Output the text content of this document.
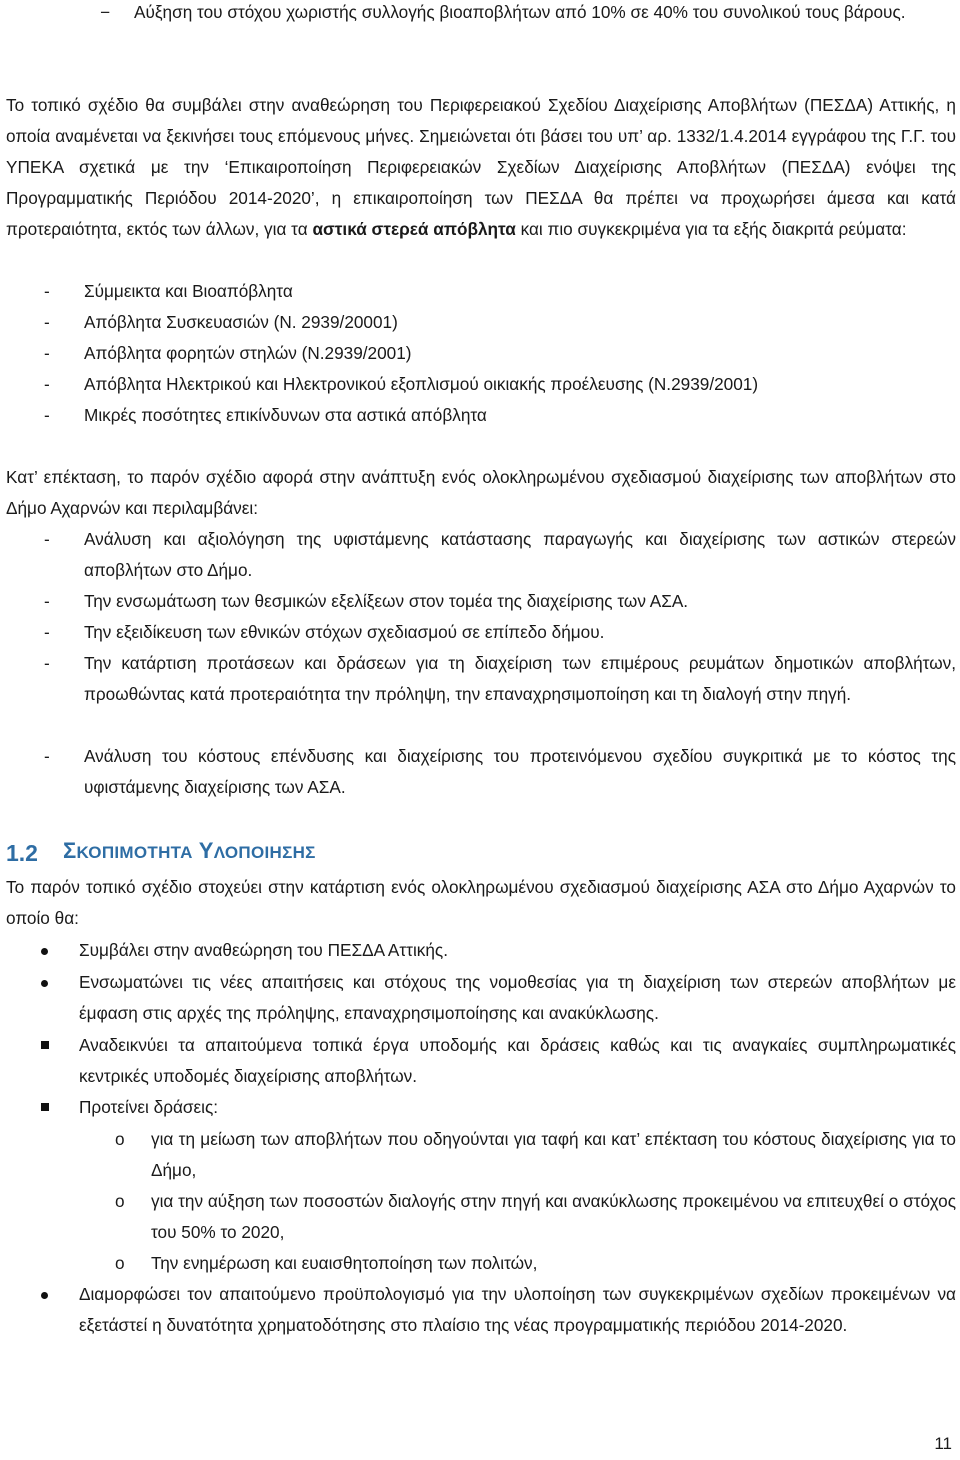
− Αύξηση του στόχου χωριστής συλλογής βιοαποβλήτων από 10% σε 40% του συνολικού τους βάρους.

Το τοπικό σχέδιο θα συμβάλει στην αναθεώρηση του Περιφερειακού Σχεδίου Διαχείρισης Αποβλήτων (ΠΕΣΔΑ) Αττικής, η οποία αναμένεται να ξεκινήσει τους επόμενους μήνες. Σημειώνεται ότι βάσει του υπ’ αρ. 1332/1.4.2014 εγγράφου της Γ.Γ. του ΥΠΕΚΑ σχετικά με την ‘Επικαιροποίηση Περιφερειακών Σχεδίων Διαχείρισης Αποβλήτων (ΠΕΣΔΑ) ενόψει της Προγραμματικής Περιόδου 2014-2020’, η επικαιροποίηση των ΠΕΣΔΑ θα πρέπει να προχωρήσει άμεσα και κατά προτεραιότητα, εκτός των άλλων, για τα αστικά στερεά απόβλητα και πιο συγκεκριμένα για τα εξής διακριτά ρεύματα:

- Σύμμεικτα και Βιοαπόβλητα
- Απόβλητα Συσκευασιών (Ν. 2939/20001)
- Απόβλητα φορητών στηλών (Ν.2939/2001)
- Απόβλητα Ηλεκτρικού και Ηλεκτρονικού εξοπλισμού οικιακής προέλευσης (Ν.2939/2001)
- Μικρές ποσότητες επικίνδυνων στα αστικά απόβλητα

Κατ’ επέκταση, το παρόν σχέδιο αφορά στην ανάπτυξη ενός ολοκληρωμένου σχεδιασμού διαχείρισης των αποβλήτων στο Δήμο Αχαρνών και περιλαμβάνει:

- Ανάλυση και αξιολόγηση της υφιστάμενης κατάστασης παραγωγής και διαχείρισης των αστικών στερεών αποβλήτων στο Δήμο.
- Την ενσωμάτωση των θεσμικών εξελίξεων στον τομέα της διαχείρισης των ΑΣΑ.
- Την εξειδίκευση των εθνικών στόχων σχεδιασμού σε επίπεδο δήμου.
- Την κατάρτιση προτάσεων και δράσεων για τη διαχείριση των επιμέρους ρευμάτων δημοτικών αποβλήτων, προωθώντας κατά προτεραιότητα την πρόληψη, την επαναχρησιμοποίηση και τη διαλογή στην πηγή.
- Ανάλυση του κόστους επένδυσης και διαχείρισης του προτεινόμενου σχεδίου συγκριτικά με το κόστος της υφιστάμενης διαχείρισης των ΑΣΑ.
1.2 ΣΚΟΠΙΜΟΤΗΤΑ ΥΛΟΠΟΙΗΣΗΣ

Το παρόν τοπικό σχέδιο στοχεύει στην κατάρτιση ενός ολοκληρωμένου σχεδιασμού διαχείρισης ΑΣΑ στο Δήμο Αχαρνών το οποίο θα:

Συμβάλει στην αναθεώρηση του ΠΕΣΔΑ Αττικής.
Ενσωματώνει τις νέες απαιτήσεις και στόχους της νομοθεσίας για τη διαχείριση των στερεών αποβλήτων με έμφαση στις αρχές της πρόληψης, επαναχρησιμοποίησης και ανακύκλωσης.
Αναδεικνύει τα απαιτούμενα τοπικά έργα υποδομής και δράσεις καθώς και τις αναγκαίες συμπληρωματικές κεντρικές υποδομές διαχείρισης αποβλήτων.
Προτείνει δράσεις:
o για τη μείωση των αποβλήτων που οδηγούνται για ταφή και κατ’ επέκταση του κόστους διαχείρισης για το Δήμο,
o για την αύξηση των ποσοστών διαλογής στην πηγή και ανακύκλωσης προκειμένου να επιτευχθεί ο στόχος του 50% το 2020,
o Την ενημέρωση και ευαισθητοποίηση των πολιτών,
Διαμορφώσει τον απαιτούμενο προϋπολογισμό για την υλοποίηση των συγκεκριμένων σχεδίων προκειμένων να εξετάστεί η δυνατότητα χρηματοδότησης στο πλαίσιο της νέας προγραμματικής περιόδου 2014-2020.
11
